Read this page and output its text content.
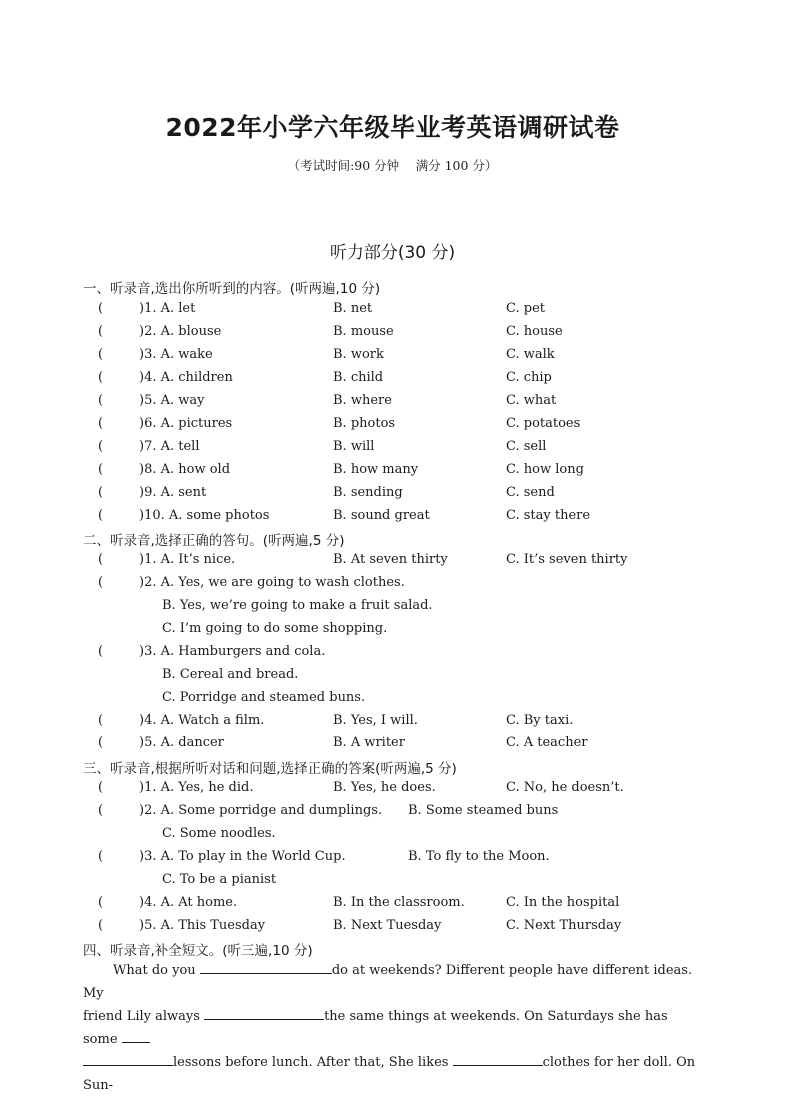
2022年小学六年级毕业考英语调研试卷
（考试时间:90 分钟　 满分 100 分）
听力部分(30 分)
一、听录音,选出你所听到的内容。(听两遍,10 分)
(	)1. A. let	B. net	C. pet
(	)2. A. blouse	B. mouse	C. house
(	)3. A. wake	B. work	C. walk
(	)4. A. children	B. child	C. chip
(	)5. A. way	B. where	C. what
(	)6. A. pictures	B. photos	C. potatoes
(	)7. A. tell	B. will	C. sell
(	)8. A. how old	B. how many	C. how long
(	)9. A. sent	B. sending	C. send
(	)10. A. some photos	B. sound great	C. stay there
二、听录音,选择正确的答句。(听两遍,5 分)
(	)1. A. It’s nice.	B. At seven thirty	C. It’s seven thirty
(	)2. A. Yes, we are going to wash clothes.
B. Yes, we’re going to make a fruit salad.
C. I’m going to do some shopping.
(	)3. A. Hamburgers and cola.
B. Cereal and bread.
C. Porridge and steamed buns.
(	)4. A. Watch a film.	B. Yes, I will.	C. By taxi.
(	)5. A. dancer	B. A writer	C. A teacher
三、听录音,根据所听对话和问题,选择正确的答案(听两遍,5 分)
(	)1. A. Yes, he did.	B. Yes, he does.	C. No, he doesn’t.
(	)2. A. Some porridge and dumplings. B. Some steamed buns
C. Some noodles.
(	)3. A. To play in the World Cup.	B. To fly to the Moon.
C. To be a pianist
(	)4. A. At home.	B. In the classroom.	C. In the hospital
(	)5. A. This Tuesday	B. Next Tuesday	C. Next Thursday
四、听录音,补全短文。(听三遍,10 分)
What do you	do at weekends? Different people have different ideas. My
friend Lily always	the same things at weekends. On Saturdays she has some
lessons before lunch. After that, She likes	clothes for her doll. On Sun-
